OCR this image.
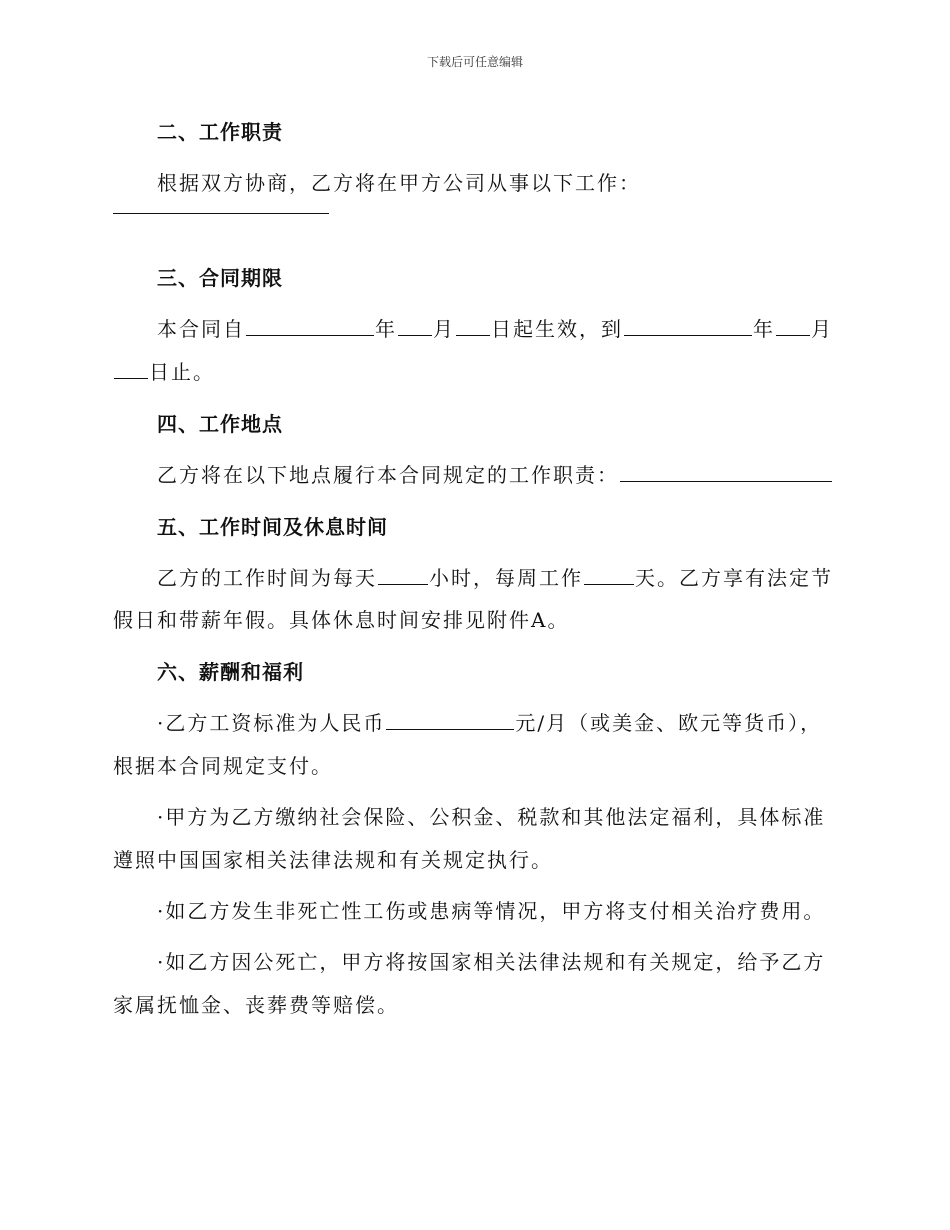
下载后可任意编辑
二、工作职责
根据双方协商，乙方将在甲方公司从事以下工作：
三、合同期限
本合同自	年 月 日起生效，到	年 月
日止。
四、工作地点
乙方将在以下地点履行本合同规定的工作职责：
五、工作时间及休息时间
乙方的工作时间为每天	小时，每周工作	天。乙方享有法定节
假日和带薪年假。具体休息时间安排见附件A。
六、薪酬和福利
·乙方工资标准为人民币	元/月（或美金、欧元等货币），
根据本合同规定支付。
·甲方为乙方缴纳社会保险、公积金、税款和其他法定福利，具体标准
遵照中国国家相关法律法规和有关规定执行。
·如乙方发生非死亡性工伤或患病等情况，甲方将支付相关治疗费用。
·如乙方因公死亡，甲方将按国家相关法律法规和有关规定，给予乙方
家属抚恤金、丧葬费等赔偿。
